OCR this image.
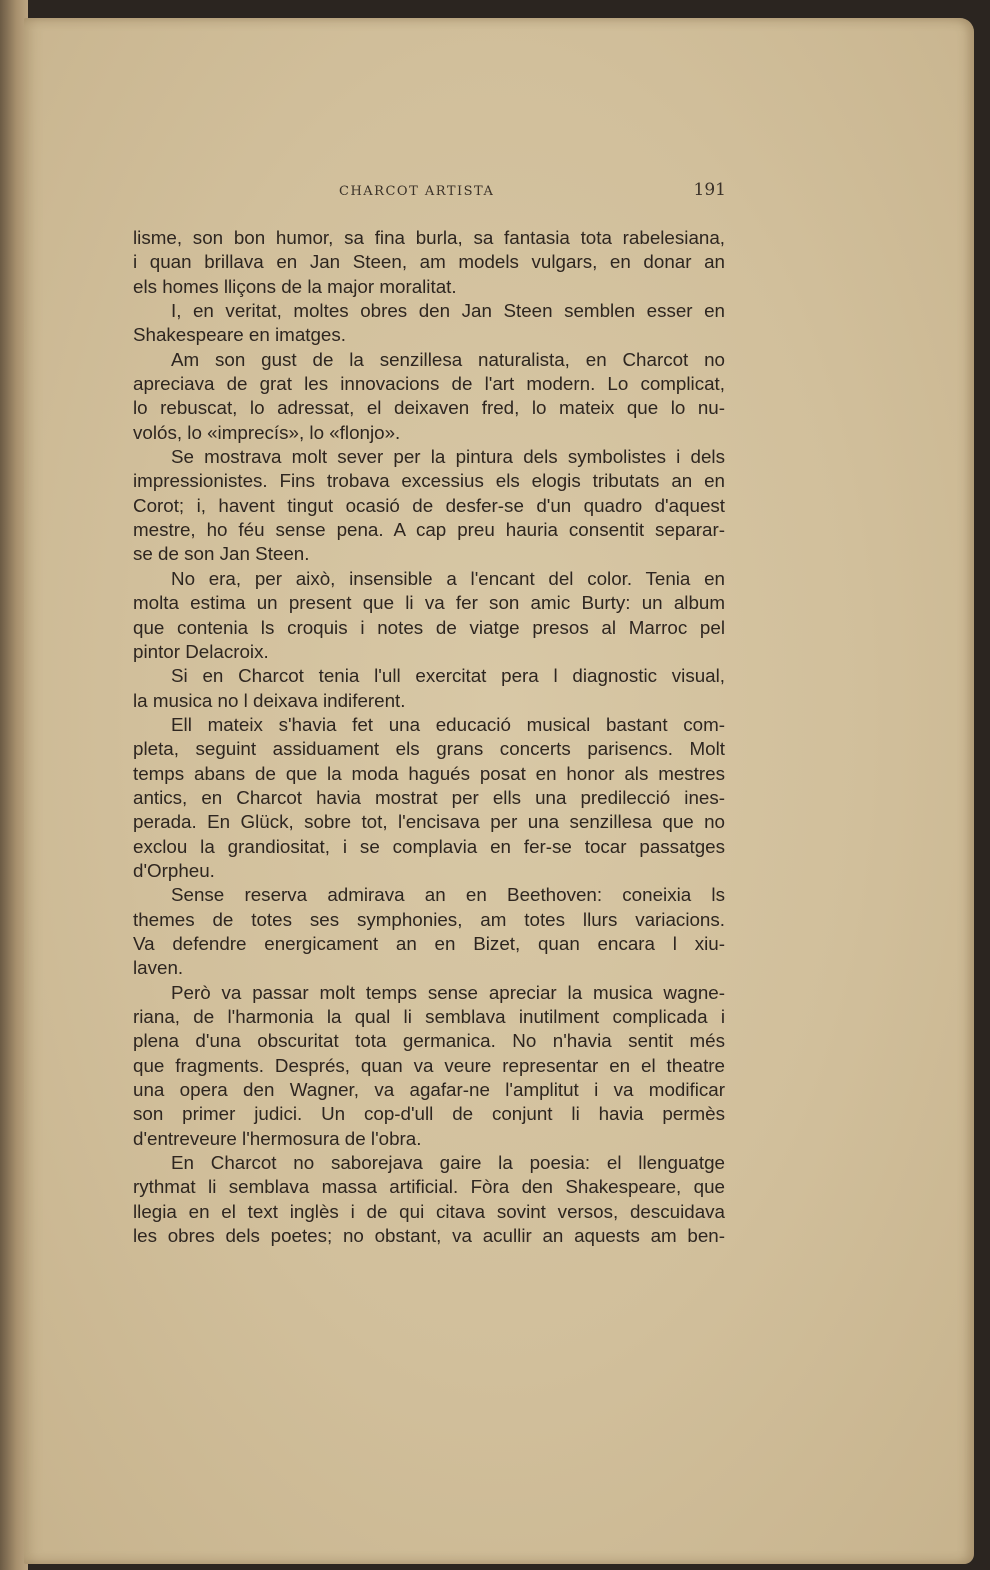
CHARCOT ARTISTA	191
lisme, son bon humor, sa fina burla, sa fantasia tota rabelesiana,
i quan brillava en Jan Steen, am models vulgars, en donar an
els homes lliçons de la major moralitat.
I, en veritat, moltes obres den Jan Steen semblen esser en
Shakespeare en imatges.
Am son gust de la senzillesa naturalista, en Charcot no
apreciava de grat les innovacions de l'art modern. Lo complicat,
lo rebuscat, lo adressat, el deixaven fred, lo mateix que lo nu-
volós, lo «imprecís», lo «flonjo».
Se mostrava molt sever per la pintura dels symbolistes i dels
impressionistes. Fins trobava excessius els elogis tributats an en
Corot; i, havent tingut ocasió de desfer-se d'un quadro d'aquest
mestre, ho féu sense pena. A cap preu hauria consentit separar-
se de son Jan Steen.
No era, per això, insensible a l'encant del color. Tenia en
molta estima un present que li va fer son amic Burty: un album
que contenia ls croquis i notes de viatge presos al Marroc pel
pintor Delacroix.
Si en Charcot tenia l'ull exercitat pera l diagnostic visual,
la musica no l deixava indiferent.
Ell mateix s'havia fet una educació musical bastant com-
pleta, seguint assiduament els grans concerts parisencs. Molt
temps abans de que la moda hagués posat en honor als mestres
antics, en Charcot havia mostrat per ells una predilecció ines-
perada. En Glück, sobre tot, l'encisava per una senzillesa que no
exclou la grandiositat, i se complavia en fer-se tocar passatges
d'Orpheu.
Sense reserva admirava an en Beethoven: coneixia ls
themes de totes ses symphonies, am totes llurs variacions.
Va defendre energicament an en Bizet, quan encara l xiu-
laven.
Però va passar molt temps sense apreciar la musica wagne-
riana, de l'harmonia la qual li semblava inutilment complicada i
plena d'una obscuritat tota germanica. No n'havia sentit més
que fragments. Després, quan va veure representar en el theatre
una opera den Wagner, va agafar-ne l'amplitut i va modificar
son primer judici. Un cop-d'ull de conjunt li havia permès
d'entreveure l'hermosura de l'obra.
En Charcot no saborejava gaire la poesia: el llenguatge
rythmat li semblava massa artificial. Fòra den Shakespeare, que
llegia en el text inglès i de qui citava sovint versos, descuidava
les obres dels poetes; no obstant, va acullir an aquests am ben-
